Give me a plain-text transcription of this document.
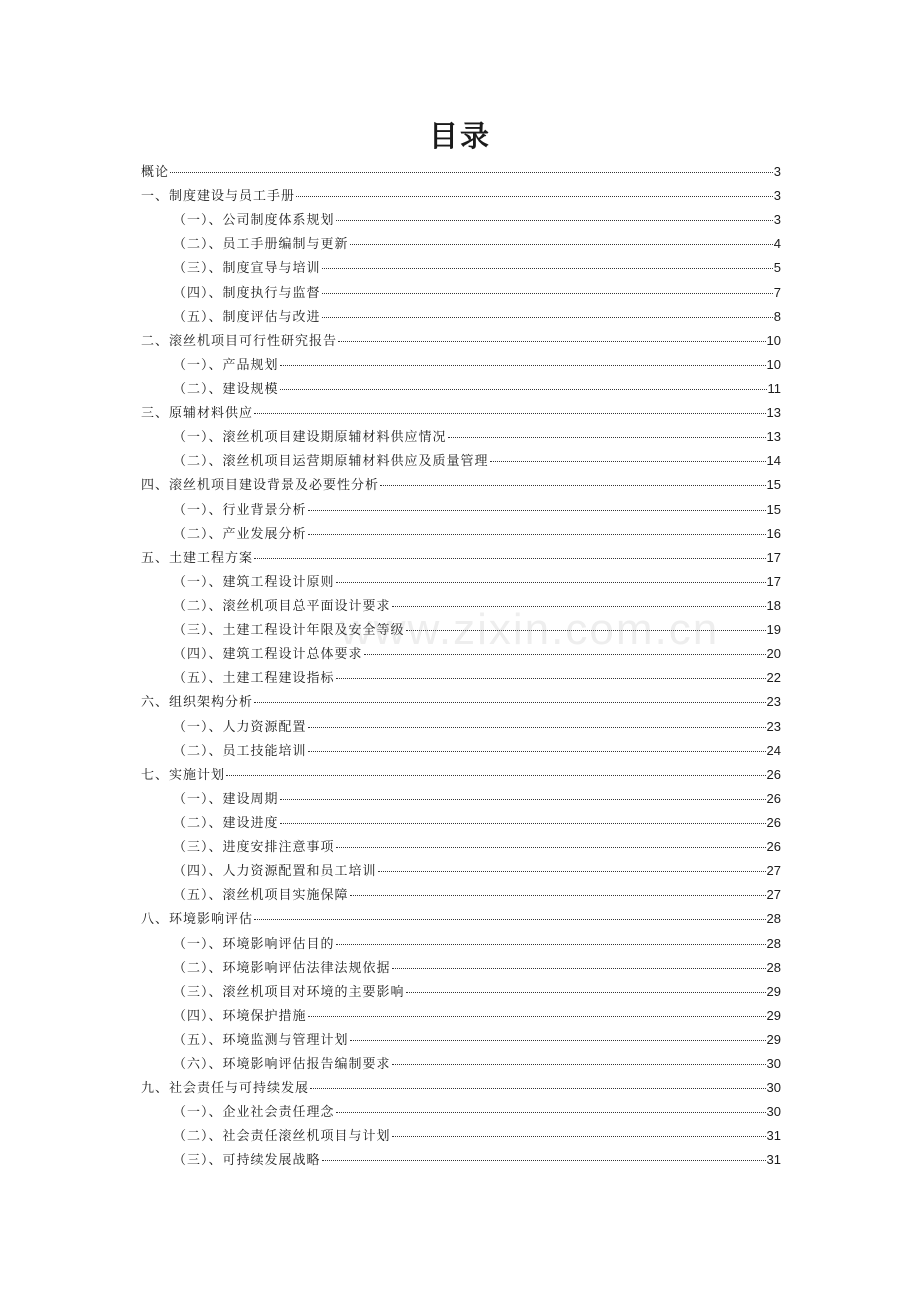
目录
概论	3
一、制度建设与员工手册	3
（一）、公司制度体系规划	3
（二）、员工手册编制与更新	4
（三）、制度宣导与培训	5
（四）、制度执行与监督	7
（五）、制度评估与改进	8
二、滚丝机项目可行性研究报告	10
（一）、产品规划	10
（二）、建设规模	11
三、原辅材料供应	13
（一）、滚丝机项目建设期原辅材料供应情况	13
（二）、滚丝机项目运营期原辅材料供应及质量管理	14
四、滚丝机项目建设背景及必要性分析	15
（一）、行业背景分析	15
（二）、产业发展分析	16
五、土建工程方案	17
（一）、建筑工程设计原则	17
（二）、滚丝机项目总平面设计要求	18
（三）、土建工程设计年限及安全等级	19
（四）、建筑工程设计总体要求	20
（五）、土建工程建设指标	22
六、组织架构分析	23
（一）、人力资源配置	23
（二）、员工技能培训	24
七、实施计划	26
（一）、建设周期	26
（二）、建设进度	26
（三）、进度安排注意事项	26
（四）、人力资源配置和员工培训	27
（五）、滚丝机项目实施保障	27
八、环境影响评估	28
（一）、环境影响评估目的	28
（二）、环境影响评估法律法规依据	28
（三）、滚丝机项目对环境的主要影响	29
（四）、环境保护措施	29
（五）、环境监测与管理计划	29
（六）、环境影响评估报告编制要求	30
九、社会责任与可持续发展	30
（一）、企业社会责任理念	30
（二）、社会责任滚丝机项目与计划	31
（三）、可持续发展战略	31
www.zixin.com.cn
